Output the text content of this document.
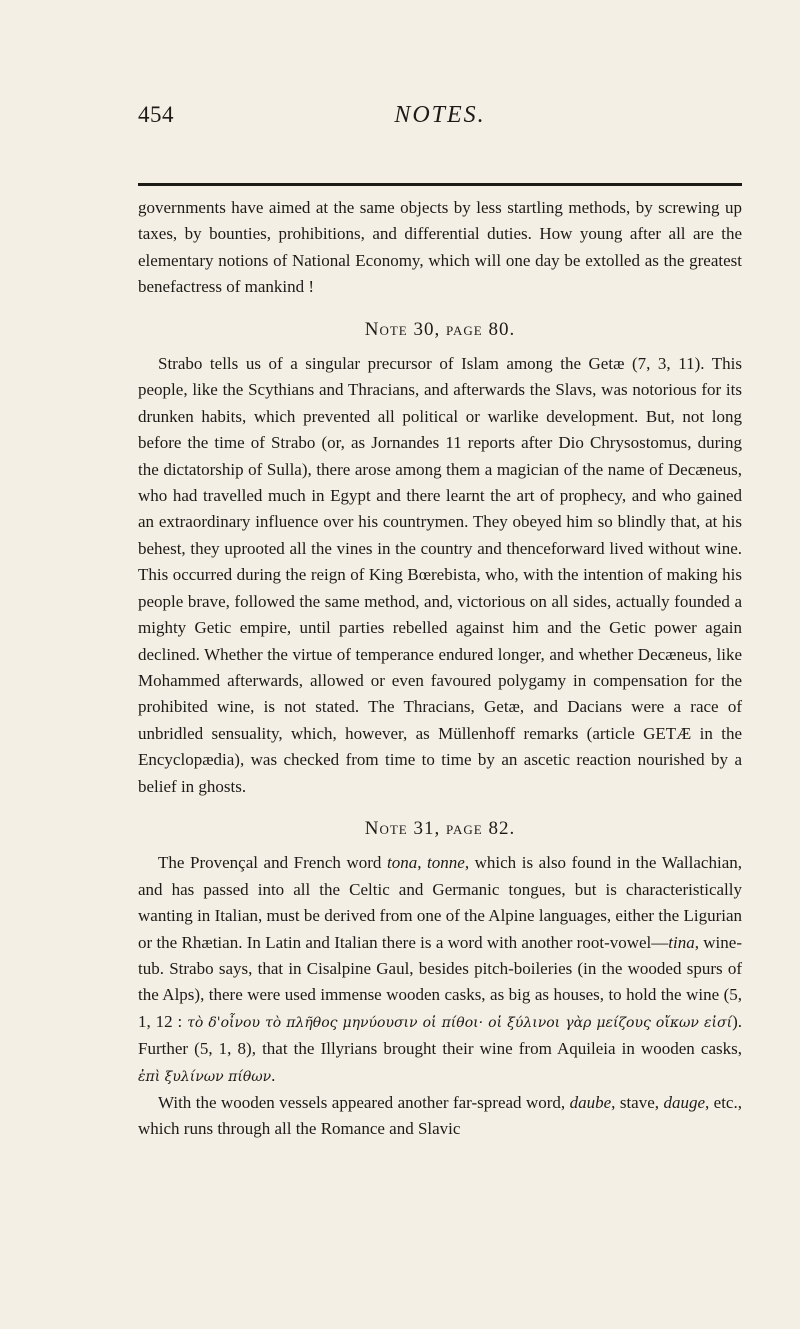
454	NOTES.

governments have aimed at the same objects by less startling methods, by screwing up taxes, by bounties, prohibitions, and differential duties. How young after all are the elementary notions of National Economy, which will one day be extolled as the greatest benefactress of mankind !

Note 30, page 80.

Strabo tells us of a singular precursor of Islam among the Getæ (7, 3, 11). This people, like the Scythians and Thracians, and afterwards the Slavs, was notorious for its drunken habits, which prevented all political or warlike development. But, not long before the time of Strabo (or, as Jornandes 11 reports after Dio Chrysostomus, during the dictatorship of Sulla), there arose among them a magician of the name of Decæneus, who had travelled much in Egypt and there learnt the art of prophecy, and who gained an extraordinary influence over his countrymen. They obeyed him so blindly that, at his behest, they uprooted all the vines in the country and thenceforward lived without wine. This occurred during the reign of King Bœrebista, who, with the intention of making his people brave, followed the same method, and, victorious on all sides, actually founded a mighty Getic empire, until parties rebelled against him and the Getic power again declined. Whether the virtue of temperance endured longer, and whether Decæneus, like Mohammed afterwards, allowed or even favoured polygamy in compensation for the prohibited wine, is not stated. The Thracians, Getæ, and Dacians were a race of unbridled sensuality, which, however, as Müllenhoff remarks (article GETÆ in the Encyclopædia), was checked from time to time by an ascetic reaction nourished by a belief in ghosts.

Note 31, page 82.

The Provençal and French word tona, tonne, which is also found in the Wallachian, and has passed into all the Celtic and Germanic tongues, but is characteristically wanting in Italian, must be derived from one of the Alpine languages, either the Ligurian or the Rhætian. In Latin and Italian there is a word with another root-vowel—tina, wine-tub. Strabo says, that in Cisalpine Gaul, besides pitch-boileries (in the wooded spurs of the Alps), there were used immense wooden casks, as big as houses, to hold the wine (5, 1, 12 : τὸ δ'οἶνου τὸ πλῆθος μηνύουσιν οἱ πίθοι· οἱ ξύλινοι γὰρ μείζους οἴκων εἰσί). Further (5, 1, 8), that the Illyrians brought their wine from Aquileia in wooden casks, ἐπὶ ξυλίνων πίθων.

With the wooden vessels appeared another far-spread word, daube, stave, dauge, etc., which runs through all the Romance and Slavic
